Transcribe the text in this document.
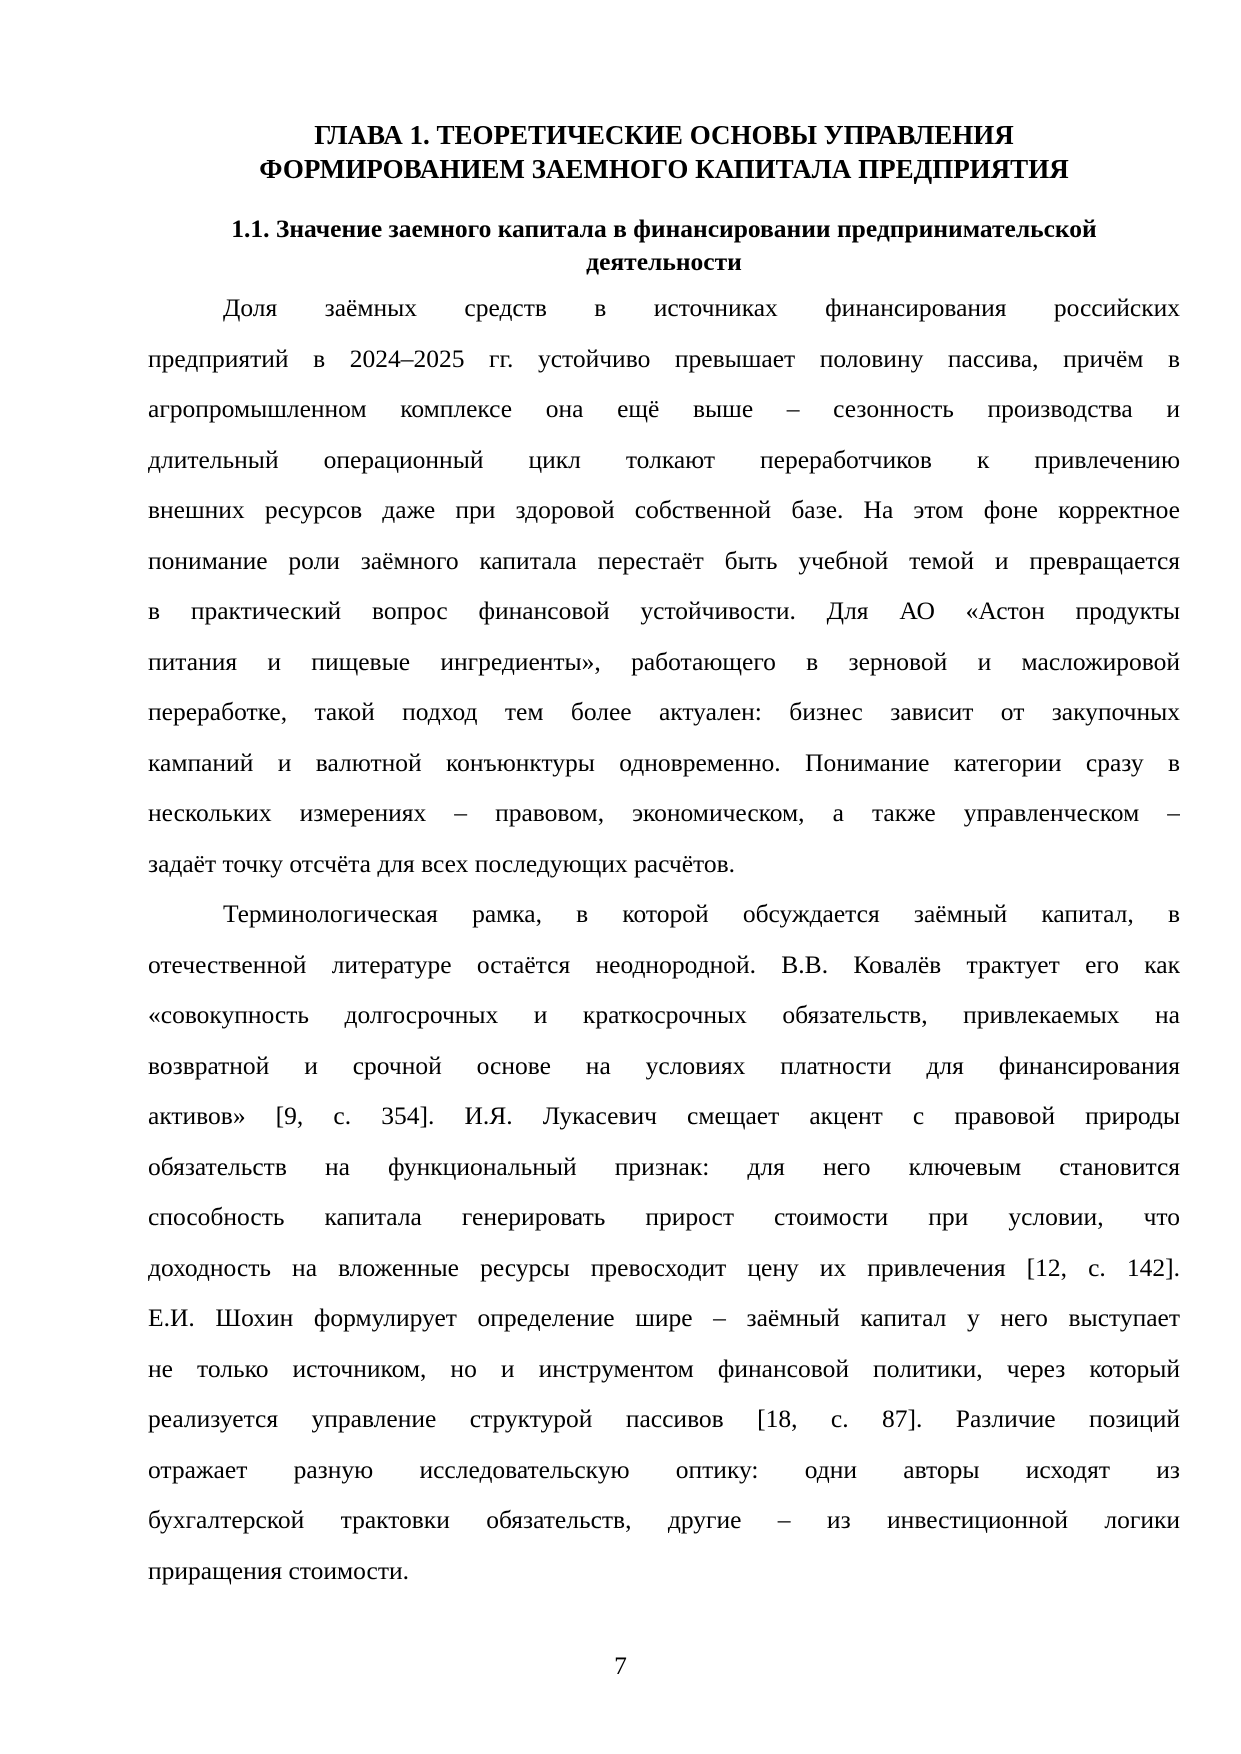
ГЛАВА 1. ТЕОРЕТИЧЕСКИЕ ОСНОВЫ УПРАВЛЕНИЯ
ФОРМИРОВАНИЕМ ЗАЕМНОГО КАПИТАЛА ПРЕДПРИЯТИЯ
1.1. Значение заемного капитала в финансировании предпринимательской
деятельности
Доля заёмных средств в источниках финансирования российских
предприятий в 2024–2025 гг. устойчиво превышает половину пассива, причём в
агропромышленном комплексе она ещё выше – сезонность производства и
длительный операционный цикл толкают переработчиков к привлечению
внешних ресурсов даже при здоровой собственной базе. На этом фоне корректное
понимание роли заёмного капитала перестаёт быть учебной темой и превращается
в практический вопрос финансовой устойчивости. Для АО «Астон продукты
питания и пищевые ингредиенты», работающего в зерновой и масложировой
переработке, такой подход тем более актуален: бизнес зависит от закупочных
кампаний и валютной конъюнктуры одновременно. Понимание категории сразу в
нескольких измерениях – правовом, экономическом, а также управленческом –
задаёт точку отсчёта для всех последующих расчётов.
Терминологическая рамка, в которой обсуждается заёмный капитал, в
отечественной литературе остаётся неоднородной. В.В. Ковалёв трактует его как
«совокупность долгосрочных и краткосрочных обязательств, привлекаемых на
возвратной и срочной основе на условиях платности для финансирования
активов» [9, с. 354]. И.Я. Лукасевич смещает акцент с правовой природы
обязательств на функциональный признак: для него ключевым становится
способность капитала генерировать прирост стоимости при условии, что
доходность на вложенные ресурсы превосходит цену их привлечения [12, с. 142].
Е.И. Шохин формулирует определение шире – заёмный капитал у него выступает
не только источником, но и инструментом финансовой политики, через который
реализуется управление структурой пассивов [18, с. 87]. Различие позиций
отражает разную исследовательскую оптику: одни авторы исходят из
бухгалтерской трактовки обязательств, другие – из инвестиционной логики
приращения стоимости.
7
